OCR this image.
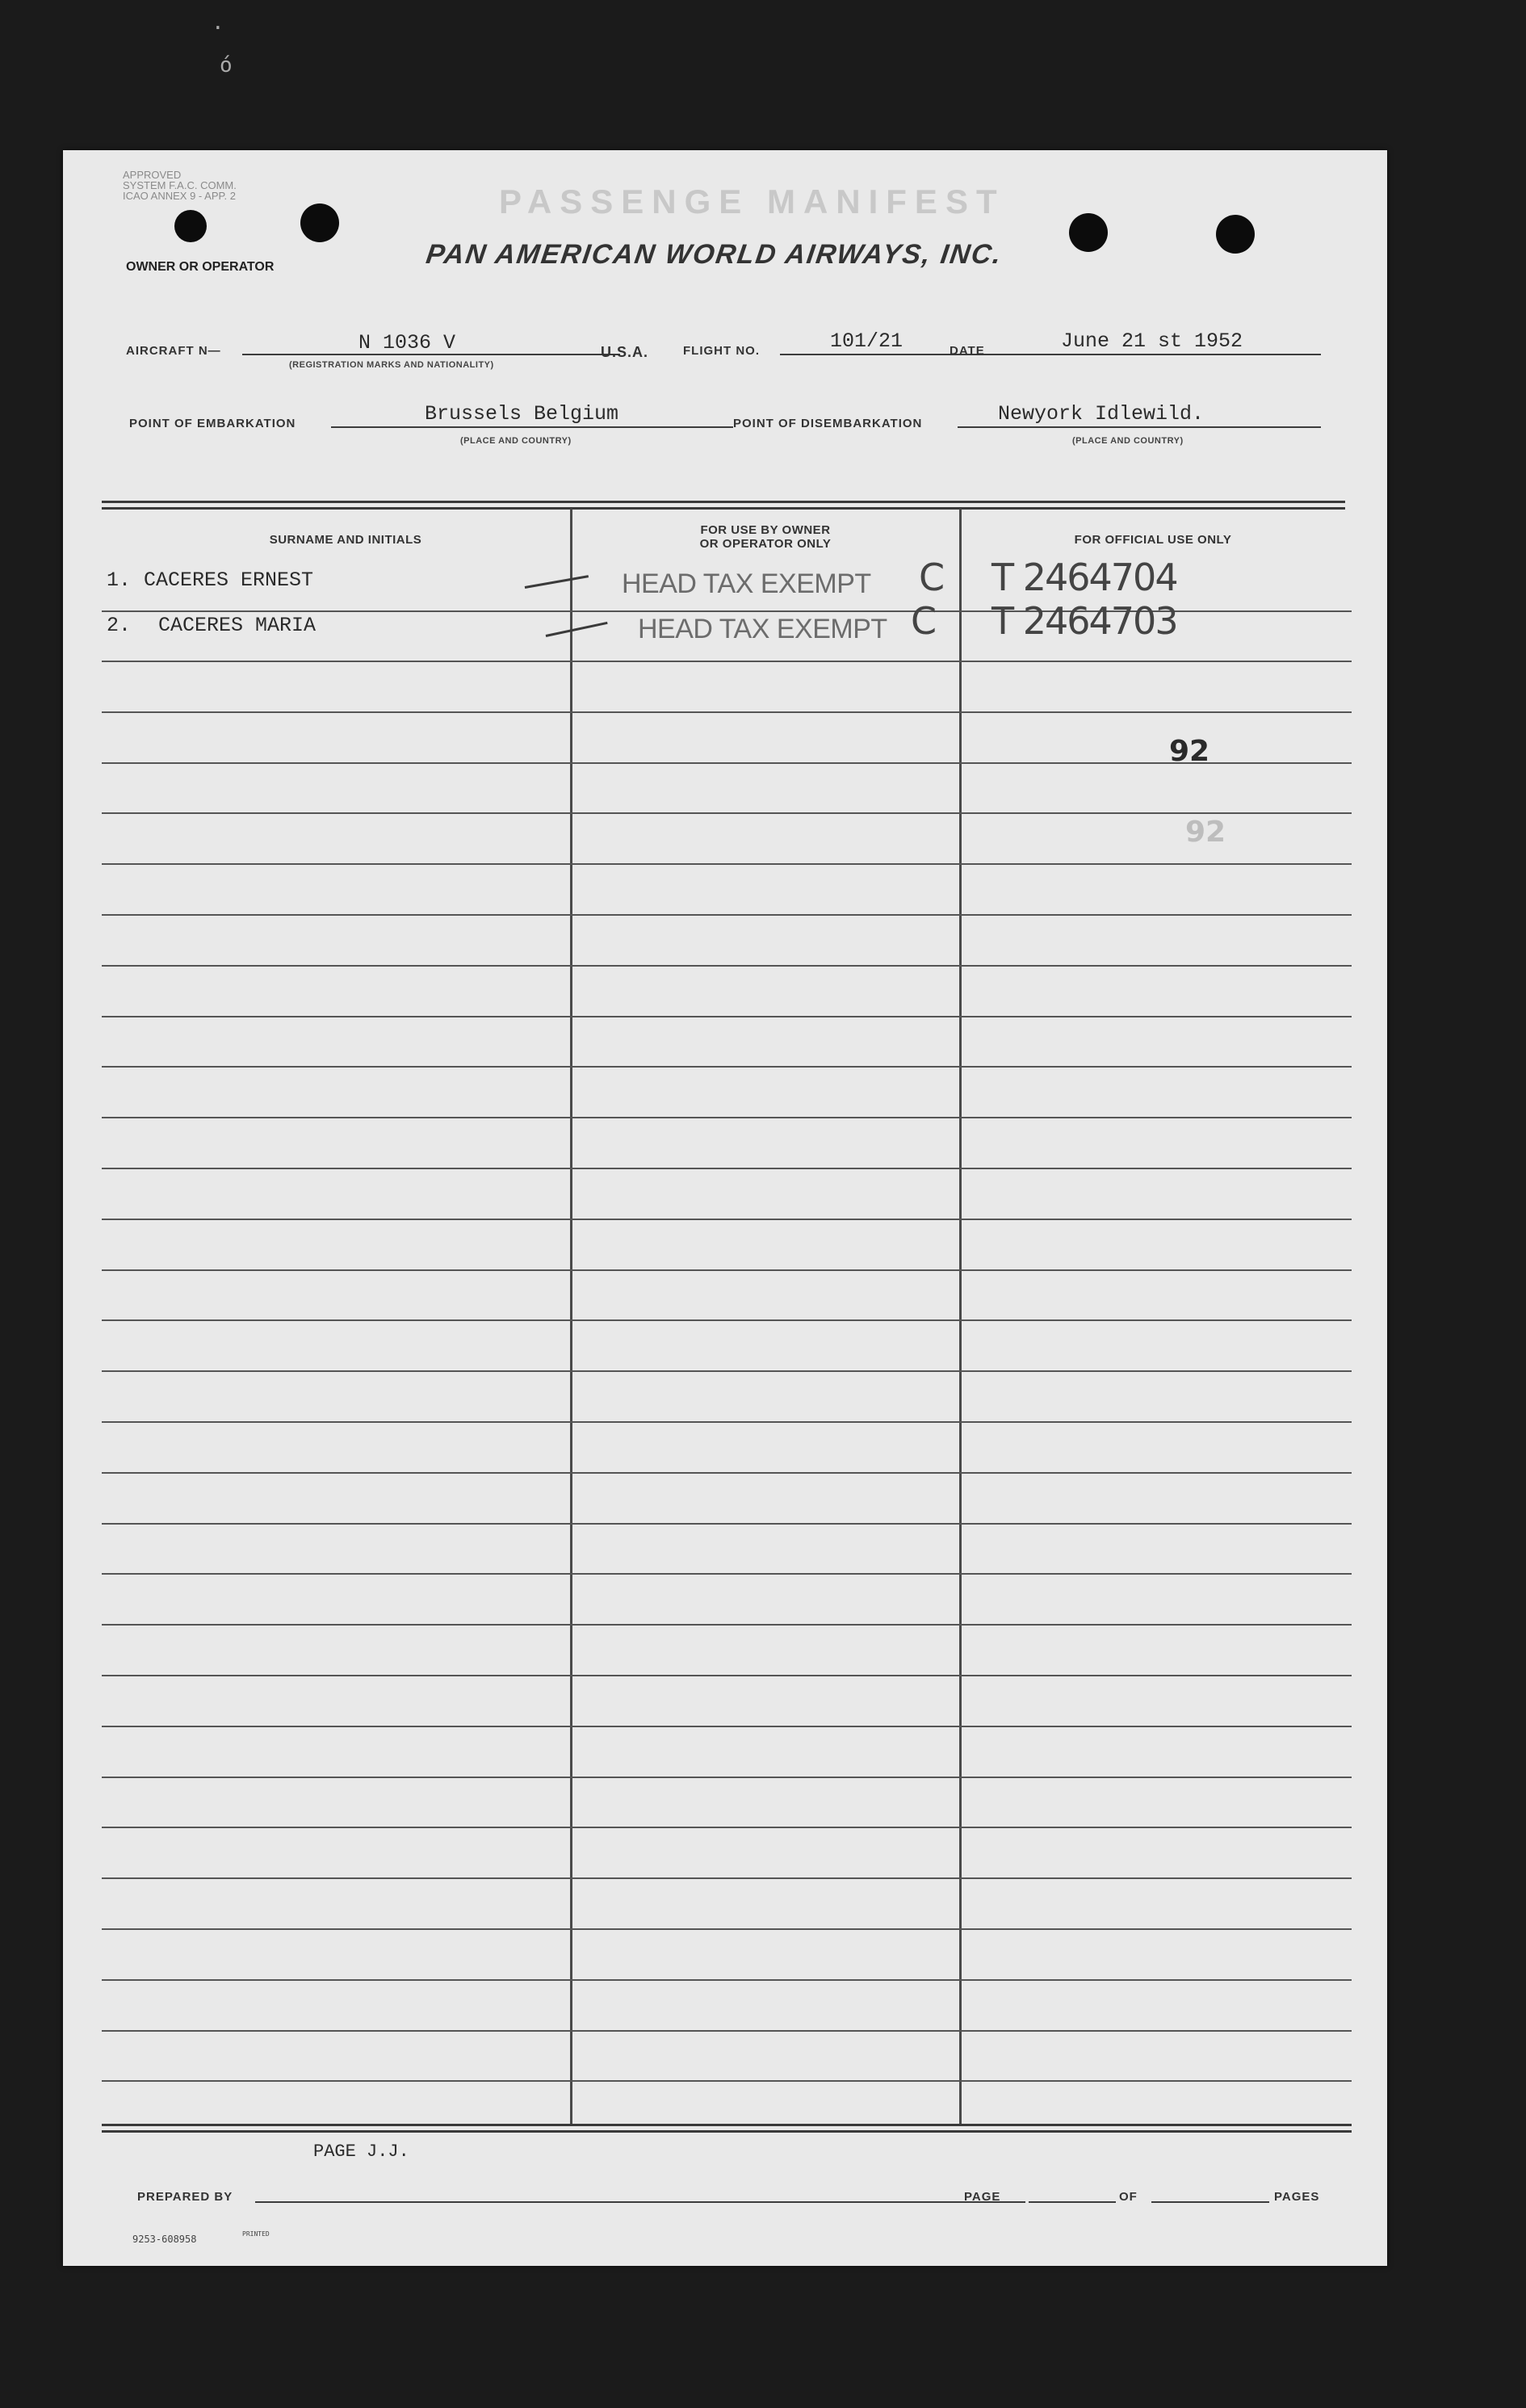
·
ó
APPROVED
SYSTEM F.A.C. COMM.
ICAO ANNEX 9 - APP. 2
OWNER OR OPERATOR
PASSENGE MANIFEST
PAN AMERICAN WORLD AIRWAYS, INC.
AIRCRAFT N—	N 1036 V
(REGISTRATION MARKS AND NATIONALITY)
U.S.A.	FLIGHT NO.	101/21	DATE	June 21 st 1952
POINT OF EMBARKATION	Brussels Belgium
(PLACE AND COUNTRY)
POINT OF DISEMBARKATION	Newyork Idlewild.
(PLACE AND COUNTRY)
SURNAME AND INITIALS
FOR USE BY OWNER
OR OPERATOR ONLY	FOR OFFICIAL USE ONLY
1. CACERES ERNEST	HEAD TAX EXEMPT C T 2464704
2. CACERES MARIA	HEAD TAX EXEMPT C T 2464703
92
92
PAGE J.J.
PREPARED BY	PAGE	OF	PAGES
9253-608958	PRINTED
